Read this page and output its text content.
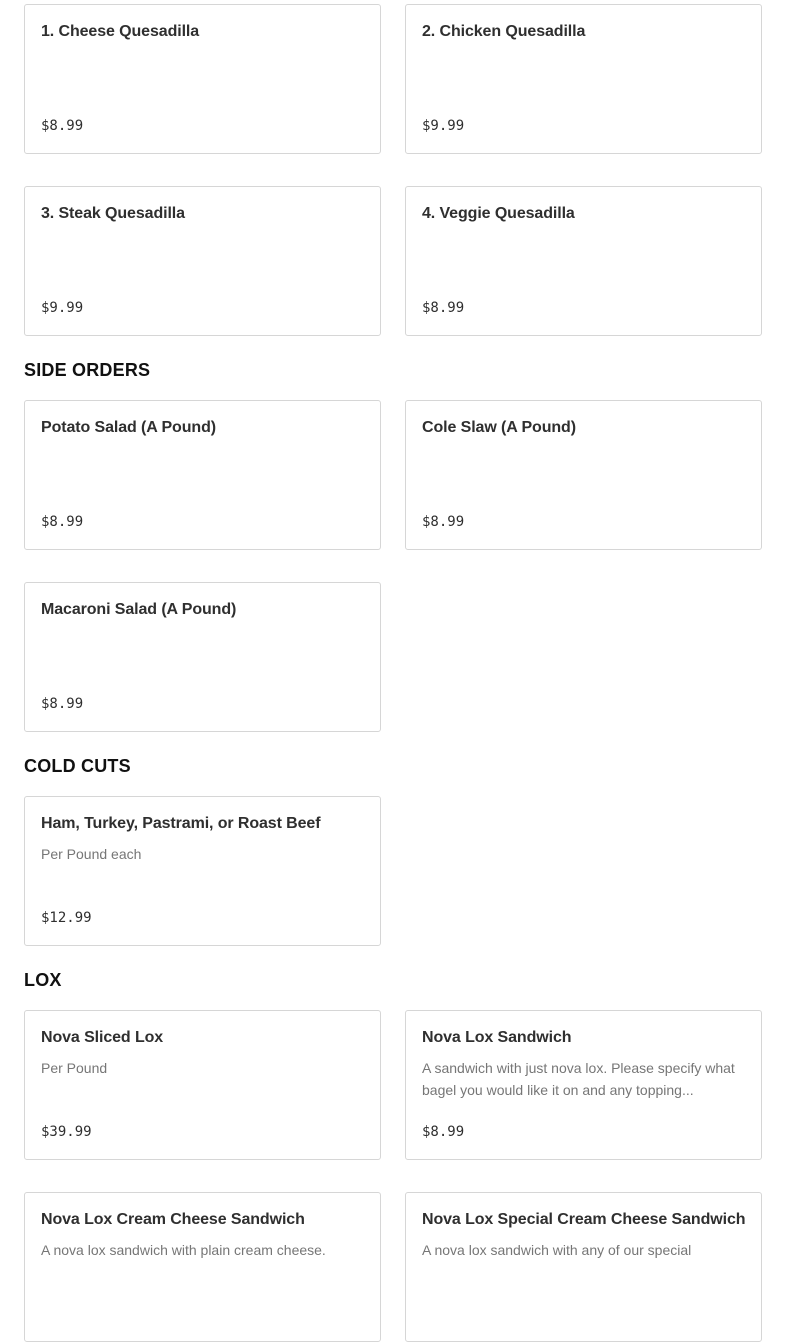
1. Cheese Quesadilla
$8.99
2. Chicken Quesadilla
$9.99
3. Steak Quesadilla
$9.99
4. Veggie Quesadilla
$8.99
SIDE ORDERS
Potato Salad (A Pound)
$8.99
Cole Slaw (A Pound)
$8.99
Macaroni Salad (A Pound)
$8.99
COLD CUTS
Ham, Turkey, Pastrami, or Roast Beef
Per Pound each
$12.99
LOX
Nova Sliced Lox
Per Pound
$39.99
Nova Lox Sandwich
A sandwich with just nova lox. Please specify what bagel you would like it on and any topping...
$8.99
Nova Lox Cream Cheese Sandwich
A nova lox sandwich with plain cream cheese.
Nova Lox Special Cream Cheese Sandwich
A nova lox sandwich with any of our special
